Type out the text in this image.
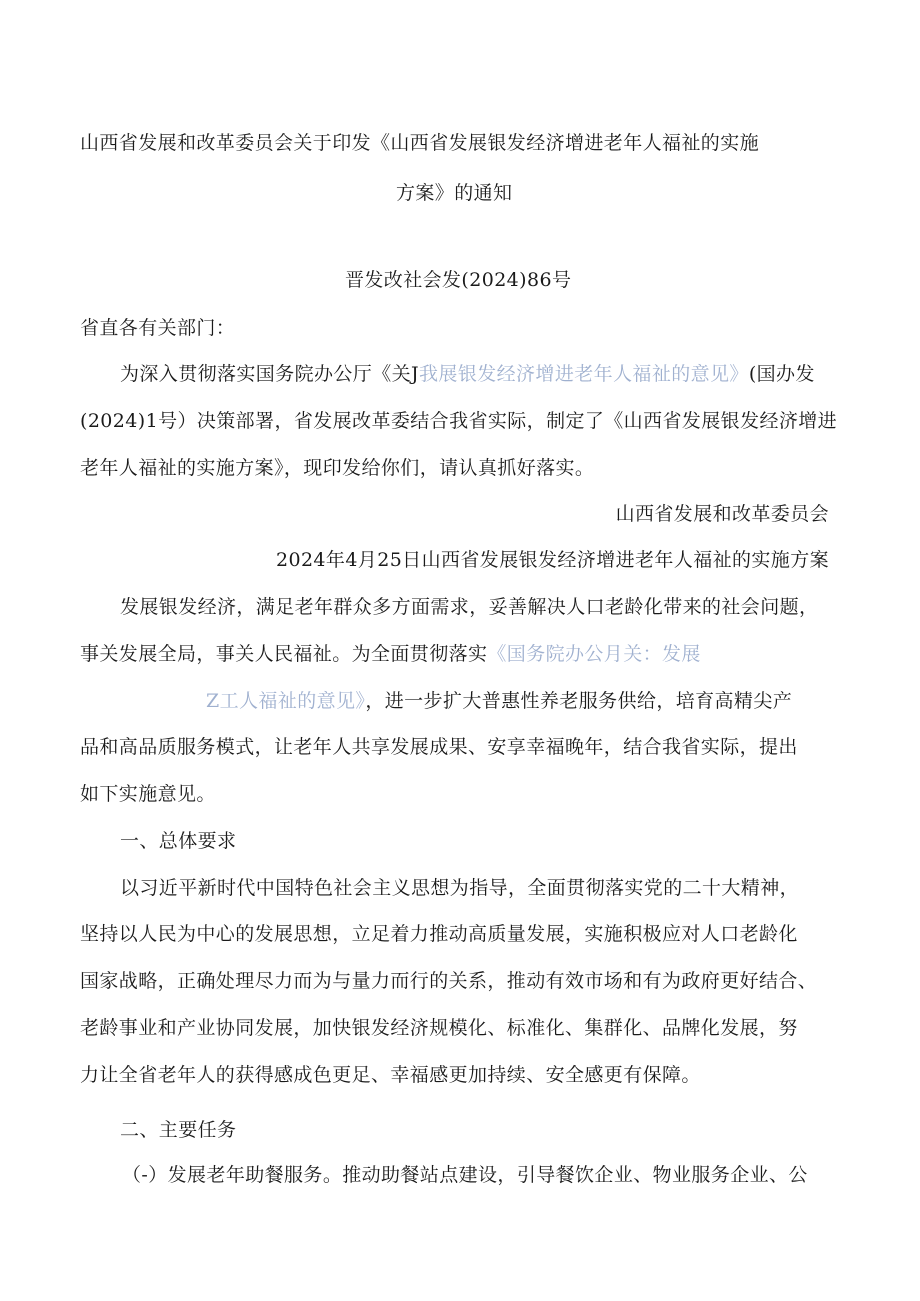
山西省发展和改革委员会关于印发《山西省发展银发经济增进老年人福祉的实施
方案》的通知
晋发改社会发(2024)86号
省直各有关部门：
为深入贯彻落实国务院办公厅《关J我展银发经济增进老年人福祉的意见》(国办发
(2024)1号）决策部署，省发展改革委结合我省实际，制定了《山西省发展银发经济增进
老年人福祉的实施方案》，现印发给你们，请认真抓好落实。
山西省发展和改革委员会
2024年4月25日山西省发展银发经济增进老年人福祉的实施方案
发展银发经济，满足老年群众多方面需求，妥善解决人口老龄化带来的社会问题，
事关发展全局，事关人民福祉。为全面贯彻落实《国务院办公月关：发展
Z工人福祉的意见》，进一步扩大普惠性养老服务供给，培育高精尖产
品和高品质服务模式，让老年人共享发展成果、安享幸福晚年，结合我省实际，提出
如下实施意见。
一、总体要求
以习近平新时代中国特色社会主义思想为指导，全面贯彻落实党的二十大精神，
坚持以人民为中心的发展思想，立足着力推动高质量发展，实施积极应对人口老龄化
国家战略，正确处理尽力而为与量力而行的关系，推动有效市场和有为政府更好结合、
老龄事业和产业协同发展，加快银发经济规模化、标准化、集群化、品牌化发展，努
力让全省老年人的获得感成色更足、幸福感更加持续、安全感更有保障。
二、主要任务
（-）发展老年助餐服务。推动助餐站点建设，引导餐饮企业、物业服务企业、公
